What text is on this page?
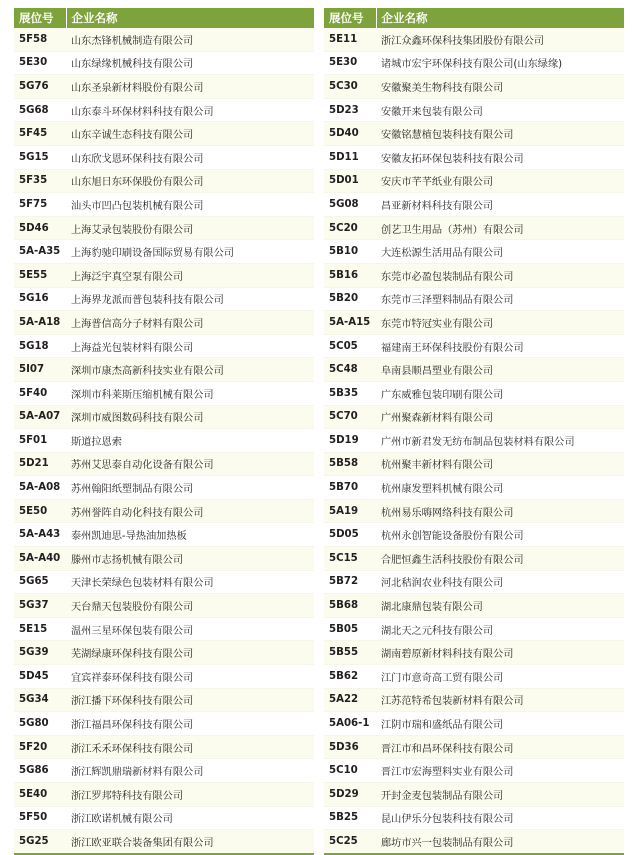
展位号	企业名称
5F58	山东杰锋机械制造有限公司
5E30	山东绿缘机械科技有限公司
5G76	山东圣泉新材料股份有限公司
5G68	山东泰斗环保材料科技有限公司
5F45	山东辛诚生态科技有限公司
5G15	山东欣戈恩环保科技有限公司
5F35	山东旭日东环保股份有限公司
5F75	汕头市凹凸包装机械有限公司
5D46	上海艾录包装股份有限公司
5A-A35	上海豹驰印刷设备国际贸易有限公司
5E55	上海泛宇真空泵有限公司
5G16	上海界龙派而普包装科技有限公司
5A-A18	上海普信高分子材料有限公司
5G18	上海益光包装材料有限公司
5I07	深圳市康杰高新科技实业有限公司
5F40	深圳市科莱斯压缩机械有限公司
5A-A07	深圳市威图数码科技有限公司
5F01	斯道拉恩索
5D21	苏州艾思泰自动化设备有限公司
5A-A08	苏州翰阳纸塑制品有限公司
5E50	苏州誉阵自动化科技有限公司
5A-A43	泰州凯迪思-导热油加热板
5A-A40	滕州市志扬机械有限公司
5G65	天津长荣绿色包装材料有限公司
5G37	天台鼎天包装股份有限公司
5E15	温州三星环保包装有限公司
5G39	芜湖绿康环保科技有限公司
5D45	宜宾祥泰环保科技有限公司
5G34	浙江播下环保科技有限公司
5G80	浙江福昌环保科技有限公司
5F20	浙江禾禾环保科技有限公司
5G86	浙江辉凯鼎瑞新材料有限公司
5E40	浙江罗邦特科技有限公司
5F50	浙江欧诺机械有限公司
5G25	浙江欧亚联合装备集团有限公司
展位号	企业名称
5E11	浙江众鑫环保科技集团股份有限公司
5E30	诸城市宏宇环保科技有限公司(山东绿缘)
5C30	安徽聚美生物科技有限公司
5D23	安徽开来包装有限公司
5D40	安徽铭慧植包装科技有限公司
5D11	安徽友拓环保包装科技有限公司
5D01	安庆市芊芊纸业有限公司
5G08	昌亚新材料科技有限公司
5C20	创艺卫生用品（苏州）有限公司
5B10	大连松源生活用品有限公司
5B16	东莞市必盈包装制品有限公司
5B20	东莞市三泽塑料制品有限公司
5A-A15	东莞市特冠实业有限公司
5C05	福建南王环保科技股份有限公司
5C48	阜南县顺昌塑业有限公司
5B35	广东威雅包装印刷有限公司
5C70	广州聚森新材料有限公司
5D19	广州市新君发无纺布制品包装材料有限公司
5B58	杭州聚丰新材料有限公司
5B70	杭州康发塑料机械有限公司
5A19	杭州易乐嗨网络科技有限公司
5D05	杭州永创智能设备股份有限公司
5C15	合肥恒鑫生活科技股份有限公司
5B72	河北秸润农业科技有限公司
5B68	湖北康鼎包装有限公司
5B05	湖北天之元科技有限公司
5B55	湖南碧原新材料科技有限公司
5B62	江门市意奇高工贸有限公司
5A22	江苏范特希包装新材料有限公司
5A06-1	江阴市瑞和盛纸品有限公司
5D36	晋江市和昌环保科技有限公司
5C10	晋江市宏海塑料实业有限公司
5D29	开封金麦包装制品有限公司
5B25	昆山伊乐分包装科技有限公司
5C25	廊坊市兴一包装制品有限公司
